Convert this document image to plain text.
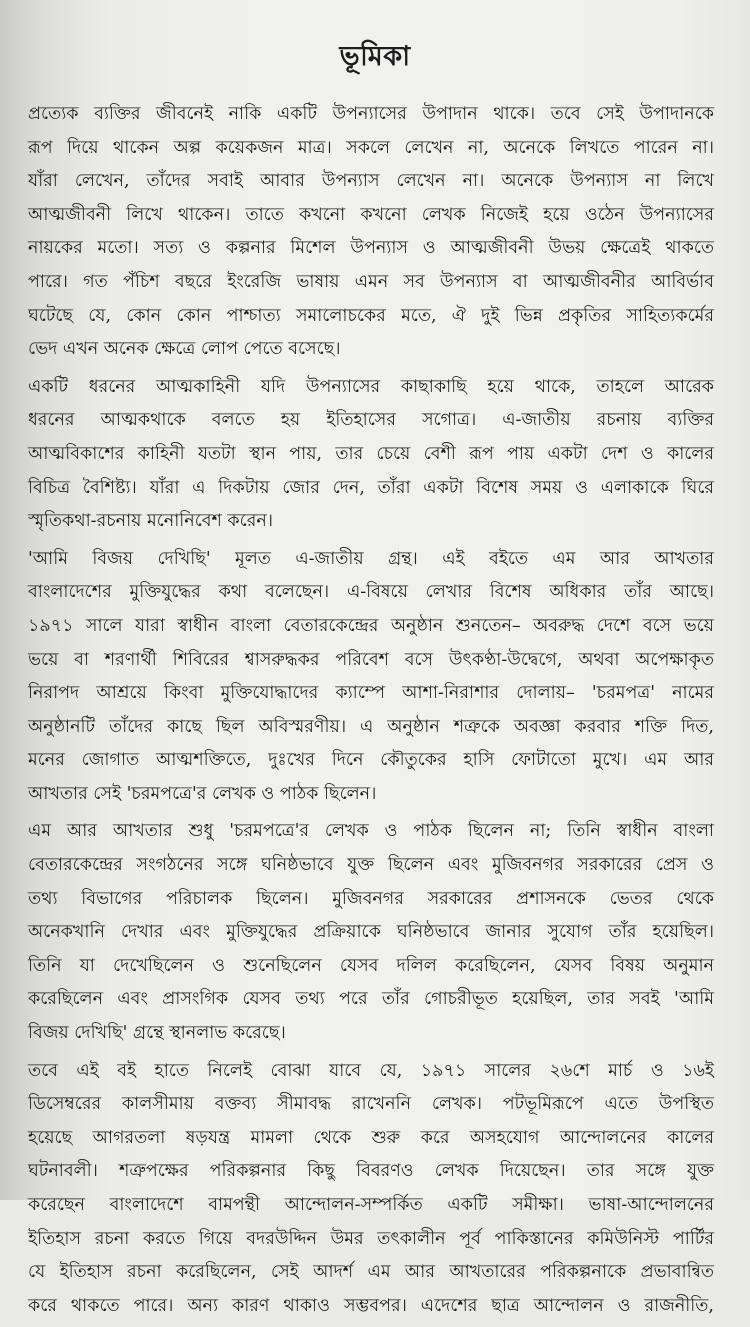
ভূমিকা
প্রত্যেক ব্যক্তির জীবনেই নাকি একটি উপন্যাসের উপাদান থাকে। তবে সেই উপাদানকে
রূপ দিয়ে থাকেন অল্প কয়েকজন মাত্র। সকলে লেখেন না, অনেকে লিখতে পারেন না।
যাঁরা লেখেন, তাঁদের সবাই আবার উপন্যাস লেখেন না। অনেকে উপন্যাস না লিখে
আত্মজীবনী লিখে থাকেন। তাতে কখনো কখনো লেখক নিজেই হয়ে ওঠেন উপন্যাসের
নায়কের মতো। সত্য ও কল্পনার মিশেল উপন্যাস ও আত্মজীবনী উভয় ক্ষেত্রেই থাকতে
পারে। গত পঁচিশ বছরে ইংরেজি ভাষায় এমন সব উপন্যাস বা আত্মজীবনীর আবির্ভাব
ঘটেছে যে, কোন কোন পাশ্চাত্য সমালোচকের মতে, ঐ দুই ভিন্ন প্রকৃতির সাহিত্যকর্মের
ভেদ এখন অনেক ক্ষেত্রে লোপ পেতে বসেছে।
একটি ধরনের আত্মকাহিনী যদি উপন্যাসের কাছাকাছি হয়ে থাকে, তাহলে আরেক
ধরনের আত্মকথাকে বলতে হয় ইতিহাসের সগোত্র। এ-জাতীয় রচনায় ব্যক্তির
আত্মবিকাশের কাহিনী যতটা স্থান পায়, তার চেয়ে বেশী রূপ পায় একটা দেশ ও কালের
বিচিত্র বৈশিষ্ট্য। যাঁরা এ দিকটায় জোর দেন, তাঁরা একটা বিশেষ সময় ও এলাকাকে ঘিরে
স্মৃতিকথা-রচনায় মনোনিবেশ করেন।
'আমি বিজয় দেখিছি' মূলত এ-জাতীয় গ্রন্থ। এই বইতে এম আর আখতার
বাংলাদেশের মুক্তিযুদ্ধের কথা বলেছেন। এ-বিষয়ে লেখার বিশেষ অধিকার তাঁর আছে।
১৯৭১ সালে যারা স্বাধীন বাংলা বেতারকেন্দ্রের অনুষ্ঠান শুনতেন– অবরুদ্ধ দেশে বসে ভয়ে
ভয়ে বা শরণার্থী শিবিরের শ্বাসরুদ্ধকর পরিবেশ বসে উৎকণ্ঠা-উদ্বেগে, অথবা অপেক্ষাকৃত
নিরাপদ আশ্রয়ে কিংবা মুক্তিযোদ্ধাদের ক্যাম্পে আশা-নিরাশার দোলায়– 'চরমপত্র' নামের
অনুষ্ঠানটি তাঁদের কাছে ছিল অবিস্মরণীয়। এ অনুষ্ঠান শত্রুকে অবজ্ঞা করবার শক্তি দিত,
মনের জোগাত আত্মশক্তিতে, দুঃখের দিনে কৌতুকের হাসি ফোটাতো মুখে। এম আর
আখতার সেই 'চরমপত্রে'র লেখক ও পাঠক ছিলেন।
এম আর আখতার শুধু 'চরমপত্রে'র লেখক ও পাঠক ছিলেন না; তিনি স্বাধীন বাংলা
বেতারকেন্দ্রের সংগঠনের সঙ্গে ঘনিষ্ঠভাবে যুক্ত ছিলেন এবং মুজিবনগর সরকারের প্রেস ও
তথ্য বিভাগের পরিচালক ছিলেন। মুজিবনগর সরকারের প্রশাসনকে ভেতর থেকে
অনেকখানি দেখার এবং মুক্তিযুদ্ধের প্রক্রিয়াকে ঘনিষ্ঠভাবে জানার সুযোগ তাঁর হয়েছিল।
তিনি যা দেখেছিলেন ও শুনেছিলেন যেসব দলিল করেছিলেন, যেসব বিষয় অনুমান
করেছিলেন এবং প্রাসংগিক যেসব তথ্য পরে তাঁর গোচরীভূত হয়েছিল, তার সবই 'আমি
বিজয় দেখিছি' গ্রন্থে স্থানলাভ করেছে।
তবে এই বই হাতে নিলেই বোঝা যাবে যে, ১৯৭১ সালের ২৬শে মার্চ ও ১৬ই
ডিসেম্বরের কালসীমায় বক্তব্য সীমাবদ্ধ রাখেননি লেখক। পটভূমিরূপে এতে উপস্থিত
হয়েছে আগরতলা ষড়যন্ত্র মামলা থেকে শুরু করে অসহযোগ আন্দোলনের কালের
ঘটনাবলী। শত্রুপক্ষের পরিকল্পনার কিছু বিবরণও লেখক দিয়েছেন। তার সঙ্গে যুক্ত
করেছেন বাংলাদেশে বামপন্থী আন্দোলন-সম্পর্কিত একটি সমীক্ষা। ভাষা-আন্দোলনের
ইতিহাস রচনা করতে গিয়ে বদরউদ্দিন উমর তৎকালীন পূর্ব পাকিস্তানের কমিউনিস্ট পার্টির
যে ইতিহাস রচনা করেছিলেন, সেই আদর্শ এম আর আখতারের পরিকল্পনাকে প্রভাবান্বিত
করে থাকতে পারে। অন্য কারণ থাকাও সম্ভবপর। এদেশের ছাত্র আন্দোলন ও রাজনীতি,
